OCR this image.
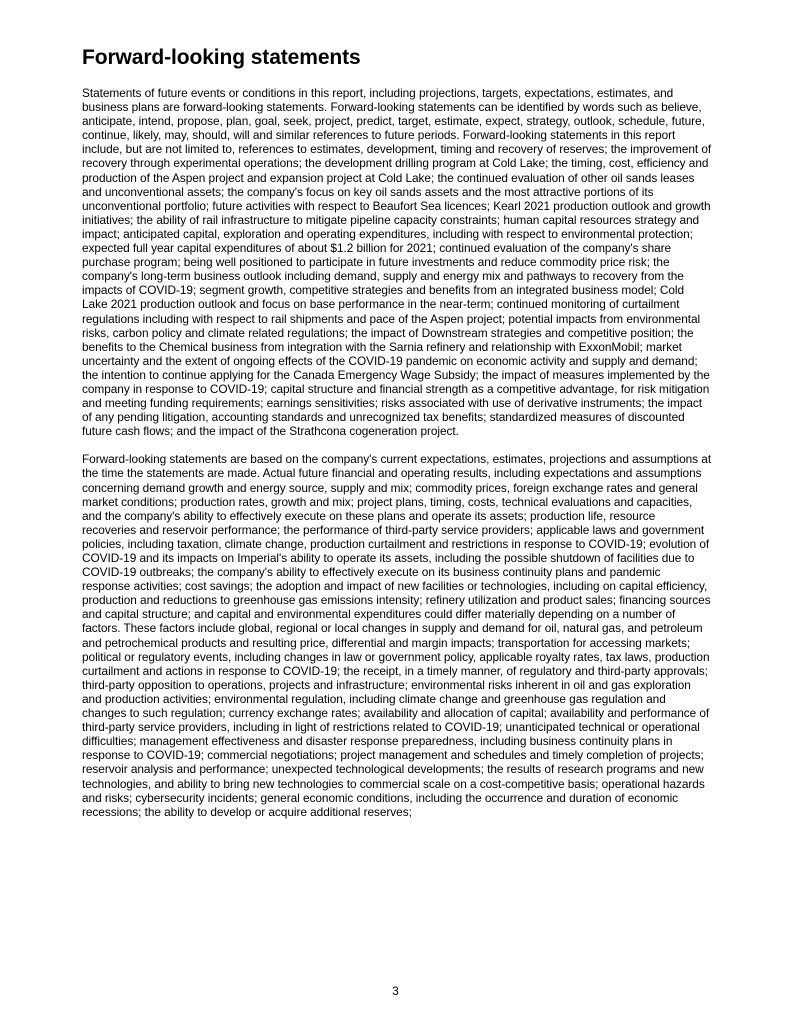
Forward-looking statements

Statements of future events or conditions in this report, including projections, targets, expectations, estimates, and business plans are forward-looking statements. Forward-looking statements can be identified by words such as believe, anticipate, intend, propose, plan, goal, seek, project, predict, target, estimate, expect, strategy, outlook, schedule, future, continue, likely, may, should, will and similar references to future periods. Forward-looking statements in this report include, but are not limited to, references to estimates, development, timing and recovery of reserves; the improvement of recovery through experimental operations; the development drilling program at Cold Lake; the timing, cost, efficiency and production of the Aspen project and expansion project at Cold Lake; the continued evaluation of other oil sands leases and unconventional assets; the company's focus on key oil sands assets and the most attractive portions of its unconventional portfolio; future activities with respect to Beaufort Sea licences; Kearl 2021 production outlook and growth initiatives; the ability of rail infrastructure to mitigate pipeline capacity constraints; human capital resources strategy and impact; anticipated capital, exploration and operating expenditures, including with respect to environmental protection; expected full year capital expenditures of about $1.2 billion for 2021; continued evaluation of the company's share purchase program; being well positioned to participate in future investments and reduce commodity price risk; the company's long-term business outlook including demand, supply and energy mix and pathways to recovery from the impacts of COVID-19; segment growth, competitive strategies and benefits from an integrated business model; Cold Lake 2021 production outlook and focus on base performance in the near-term; continued monitoring of curtailment regulations including with respect to rail shipments and pace of the Aspen project; potential impacts from environmental risks, carbon policy and climate related regulations; the impact of Downstream strategies and competitive position; the benefits to the Chemical business from integration with the Sarnia refinery and relationship with ExxonMobil; market uncertainty and the extent of ongoing effects of the COVID-19 pandemic on economic activity and supply and demand; the intention to continue applying for the Canada Emergency Wage Subsidy; the impact of measures implemented by the company in response to COVID-19; capital structure and financial strength as a competitive advantage, for risk mitigation and meeting funding requirements; earnings sensitivities; risks associated with use of derivative instruments; the impact of any pending litigation, accounting standards and unrecognized tax benefits; standardized measures of discounted future cash flows; and the impact of the Strathcona cogeneration project.

Forward-looking statements are based on the company's current expectations, estimates, projections and assumptions at the time the statements are made. Actual future financial and operating results, including expectations and assumptions concerning demand growth and energy source, supply and mix; commodity prices, foreign exchange rates and general market conditions; production rates, growth and mix; project plans, timing, costs, technical evaluations and capacities, and the company's ability to effectively execute on these plans and operate its assets; production life, resource recoveries and reservoir performance; the performance of third-party service providers; applicable laws and government policies, including taxation, climate change, production curtailment and restrictions in response to COVID-19; evolution of COVID-19 and its impacts on Imperial's ability to operate its assets, including the possible shutdown of facilities due to COVID-19 outbreaks; the company's ability to effectively execute on its business continuity plans and pandemic response activities; cost savings; the adoption and impact of new facilities or technologies, including on capital efficiency, production and reductions to greenhouse gas emissions intensity; refinery utilization and product sales; financing sources and capital structure; and capital and environmental expenditures could differ materially depending on a number of factors. These factors include global, regional or local changes in supply and demand for oil, natural gas, and petroleum and petrochemical products and resulting price, differential and margin impacts; transportation for accessing markets; political or regulatory events, including changes in law or government policy, applicable royalty rates, tax laws, production curtailment and actions in response to COVID-19; the receipt, in a timely manner, of regulatory and third-party approvals; third-party opposition to operations, projects and infrastructure; environmental risks inherent in oil and gas exploration and production activities; environmental regulation, including climate change and greenhouse gas regulation and changes to such regulation; currency exchange rates; availability and allocation of capital; availability and performance of third-party service providers, including in light of restrictions related to COVID-19; unanticipated technical or operational difficulties; management effectiveness and disaster response preparedness, including business continuity plans in response to COVID-19; commercial negotiations; project management and schedules and timely completion of projects; reservoir analysis and performance; unexpected technological developments; the results of research programs and new technologies, and ability to bring new technologies to commercial scale on a cost-competitive basis; operational hazards and risks; cybersecurity incidents; general economic conditions, including the occurrence and duration of economic recessions; the ability to develop or acquire additional reserves;

3
